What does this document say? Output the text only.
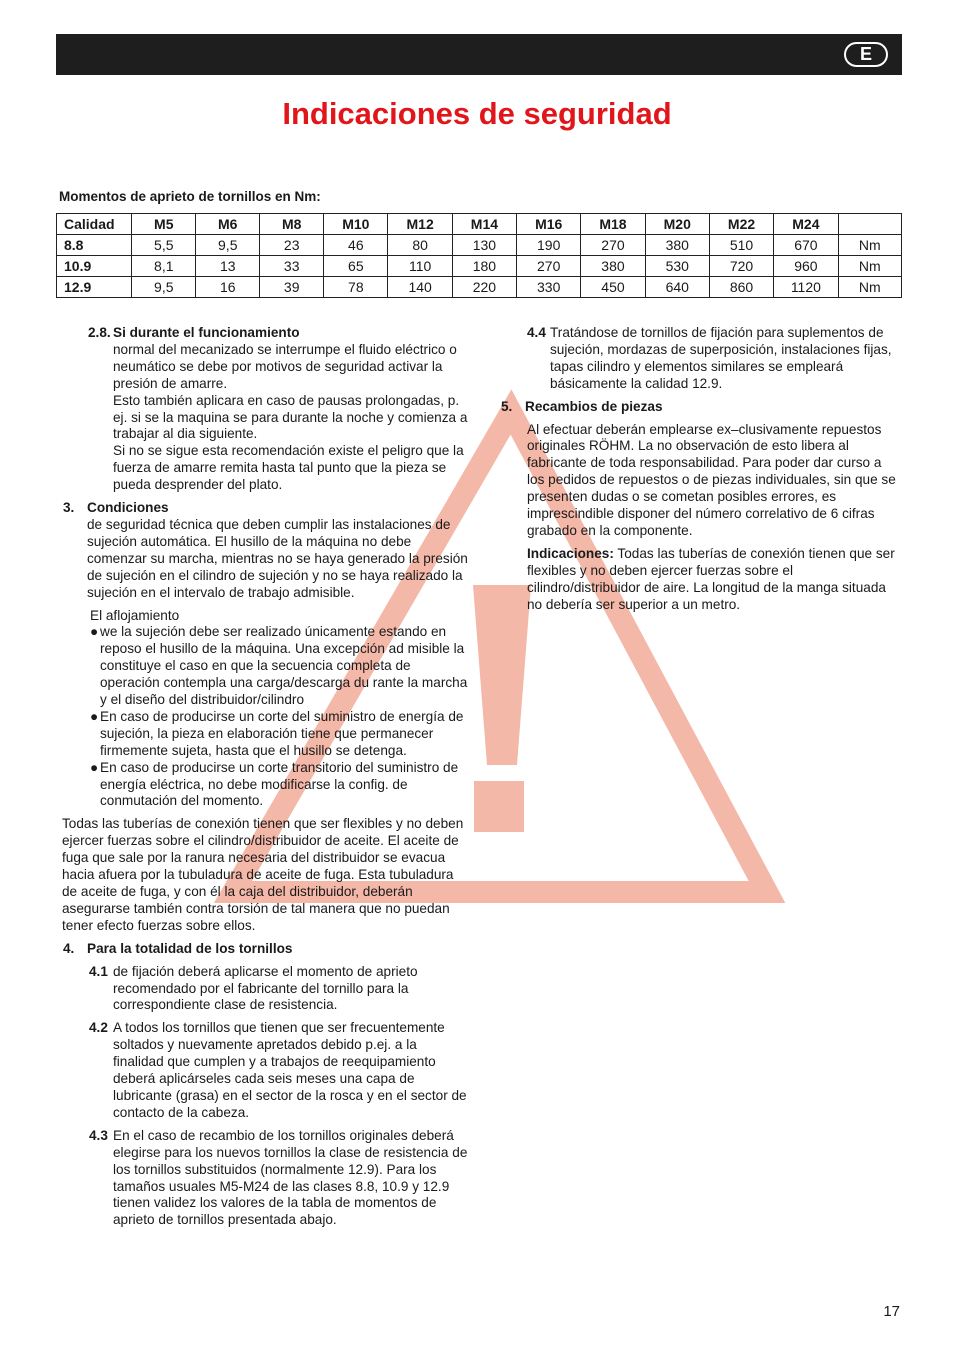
E
Indicaciones de seguridad
Momentos de aprieto de tornillos en Nm:
Calidad	M5	M6	M8	M10	M12	M14	M16	M18	M20	M22	M24	
8.8	5,5	9,5	23	46	80	130	190	270	380	510	670	Nm
10.9	8,1	13	33	65	110	180	270	380	530	720	960	Nm
12.9	9,5	16	39	78	140	220	330	450	640	860	1120	Nm
2.8. Si durante el funcionamiento
normal del mecanizado se interrumpe el fluido eléctrico o neumático se debe por motivos de seguridad activar la presión de amarre.
Esto también aplicara en caso de pausas prolongadas, p. ej. si se la maquina se para durante la noche y comienza a trabajar al dia siguiente.
Si no se sigue esta recomendación existe el peligro que la fuerza de amarre remita hasta tal punto que la pieza se pueda desprender del plato.
3. Condiciones

de seguridad técnica que deben cumplir las instalaciones de sujeción automática. El husillo de la máquina no debe comenzar su marcha, mientras no se haya generado la presión de sujeción en el cilindro de sujeción y no se haya realizado la sujeción en el intervalo de trabajo admisible.

El aflojamiento
● we la sujeción debe ser realizado únicamente estando en reposo el husillo de la máquina. Una excepción ad misible la constituye el caso en que la secuencia completa de operación contempla una carga/descarga du rante la marcha y el diseño del distribuidor/cilindro
● En caso de producirse un corte del suministro de energía de sujeción, la pieza en elaboración tiene que permanecer firmemente sujeta, hasta que el husillo se detenga.
● En caso de producirse un corte transitorio del suministro de energía eléctrica, no debe modificarse la config. de conmutación del momento.

Todas las tuberías de conexión tienen que ser flexibles y no deben ejercer fuerzas sobre el cilindro/distribuidor de aceite. El aceite de fuga que sale por la ranura necesaria del distribuidor se evacua hacia afuera por la tubuladura de aceite de fuga. Esta tubuladura de aceite de fuga, y con él la caja del distribuidor, deberán asegurarse también contra torsión de tal manera que no puedan tener efecto fuerzas sobre ellos.

4. Para la totalidad de los tornillos
4.1 de fijación deberá aplicarse el momento de aprieto recomendado por el fabricante del tornillo para la correspondiente clase de resistencia.
4.2 A todos los tornillos que tienen que ser frecuentemente soltados y nuevamente apretados debido p.ej. a la finalidad que cumplen y a trabajos de reequipamiento deberá aplicárseles cada seis meses una capa de lubricante (grasa) en el sector de la rosca y en el sector de contacto de la cabeza.
4.3 En el caso de recambio de los tornillos originales deberá elegirse para los nuevos tornillos la clase de resistencia de los tornillos substituidos (normalmente 12.9). Para los tamaños usuales M5-M24 de las clases 8.8, 10.9 y 12.9 tienen validez los valores de la tabla de momentos de aprieto de tornillos presentada abajo.
4.4 Tratándose de tornillos de fijación para suplementos de sujeción, mordazas de superposición, instalaciones fijas, tapas cilindro y elementos similares se empleará básicamente la calidad 12.9.
5. Recambios de piezas

Al efectuar deberán emplearse ex–clusivamente repuestos originales RÖHM. La no observación de esto libera al fabricante de toda responsabilidad. Para poder dar curso a los pedidos de repuestos o de piezas individuales, sin que se presenten dudas o se cometan posibles errores, es imprescindible disponer del número correlativo de 6 cifras grabado en la componente.

Indicaciones: Todas las tuberías de conexión tienen que ser flexibles y no deben ejercer fuerzas sobre el cilindro/distribuidor de aire. La longitud de la manga situada no debería ser superior a un metro.

17
